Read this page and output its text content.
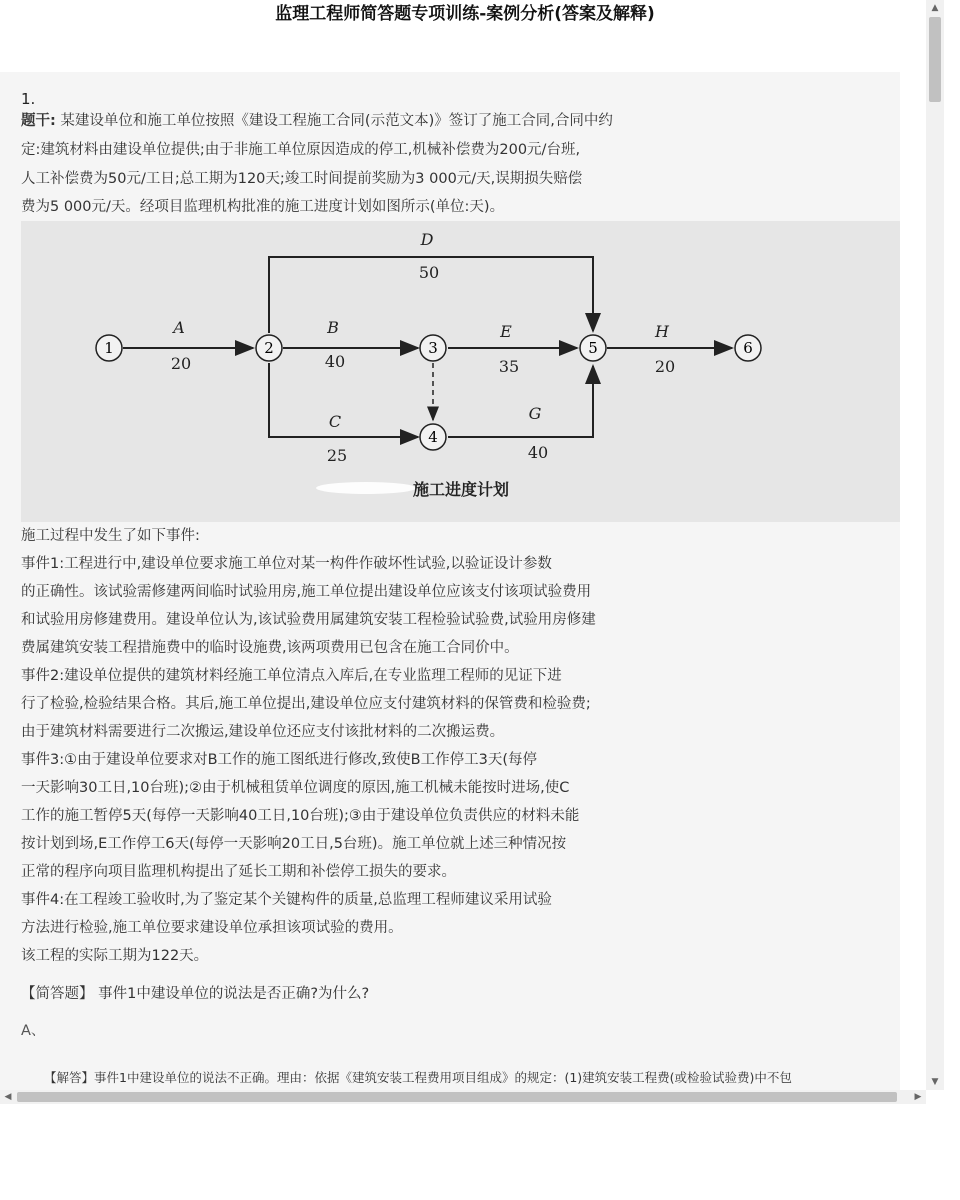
监理工程师简答题专项训练-案例分析(答案及解释)
1.
题干: 某建设单位和施工单位按照《建设工程施工合同(示范文本)》签订了施工合同,合同中约
定:建筑材料由建设单位提供;由于非施工单位原因造成的停工,机械补偿费为200元/台班,
人工补偿费为50元/工日;总工期为120天;竣工时间提前奖励为3 000元/天,误期损失赔偿
费为5 000元/天。经项目监理机构批准的施工进度计划如图所示(单位:天)。
1	2	3
4
5	6
A
20
B
40
C
25
D
50
E
35
G
40
H
20
施工进度计划
施工过程中发生了如下事件:
事件1:工程进行中,建设单位要求施工单位对某一构件作破坏性试验,以验证设计参数
的正确性。该试验需修建两间临时试验用房,施工单位提出建设单位应该支付该项试验费用
和试验用房修建费用。建设单位认为,该试验费用属建筑安装工程检验试验费,试验用房修建
费属建筑安装工程措施费中的临时设施费,该两项费用已包含在施工合同价中。
事件2:建设单位提供的建筑材料经施工单位清点入库后,在专业监理工程师的见证下进
行了检验,检验结果合格。其后,施工单位提出,建设单位应支付建筑材料的保管费和检验费;
由于建筑材料需要进行二次搬运,建设单位还应支付该批材料的二次搬运费。
事件3:①由于建设单位要求对B工作的施工图纸进行修改,致使B工作停工3天(每停
一天影响30工日,10台班);②由于机械租赁单位调度的原因,施工机械未能按时进场,使C
工作的施工暂停5天(每停一天影响40工日,10台班);③由于建设单位负责供应的材料未能
按计划到场,E工作停工6天(每停一天影响20工日,5台班)。施工单位就上述三种情况按
正常的程序向项目监理机构提出了延长工期和补偿停工损失的要求。
事件4:在工程竣工验收时,为了鉴定某个关键构件的质量,总监理工程师建议采用试验
方法进行检验,施工单位要求建设单位承担该项试验的费用。
该工程的实际工期为122天。
【简答题】 事件1中建设单位的说法是否正确?为什么?
A、
【解答】事件1中建设单位的说法不正确。理由：依据《建筑安装工程费用项目组成》的规定：(1)建筑安装工程费(或检验试验费)中不包
▲
▼
◀	▶
